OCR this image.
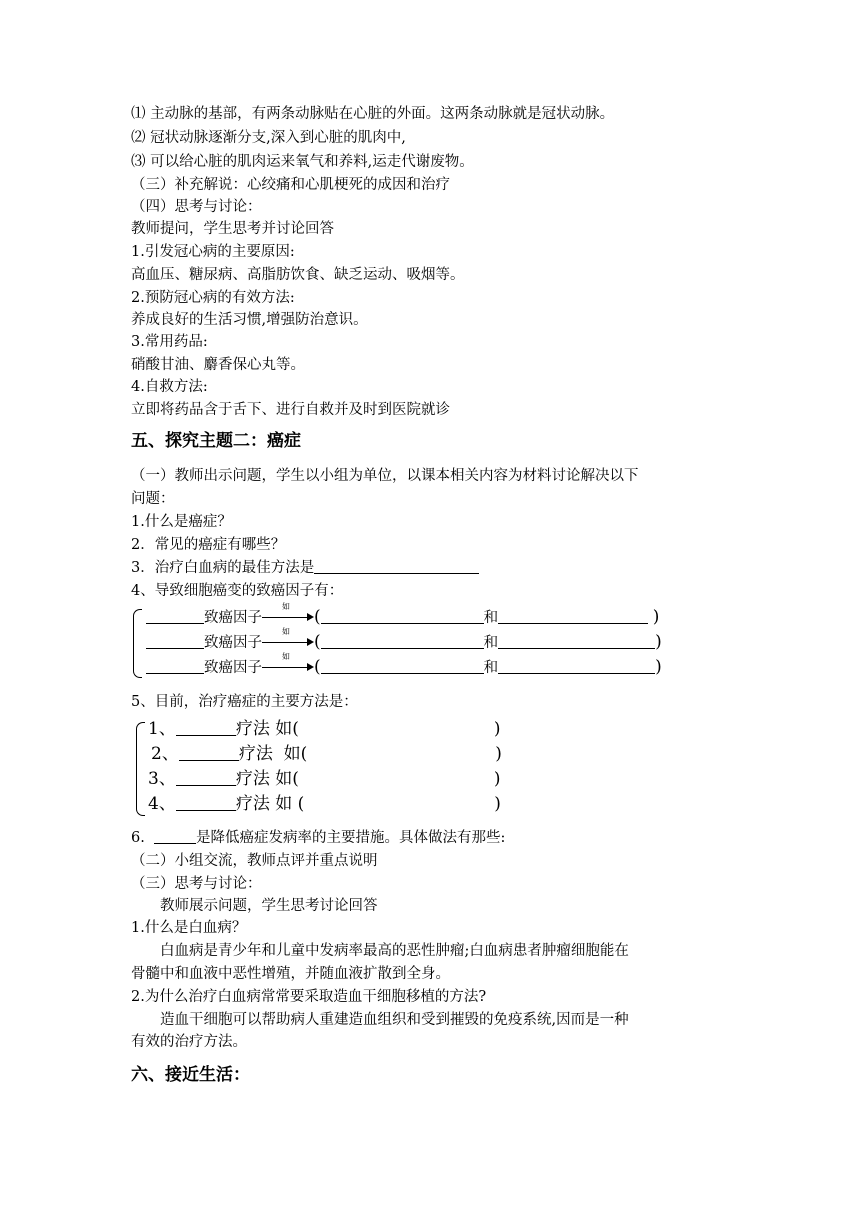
⑴ 主动脉的基部，有两条动脉贴在心脏的外面。这两条动脉就是冠状动脉。
⑵ 冠状动脉逐渐分支,深入到心脏的肌肉中,
⑶ 可以给心脏的肌肉运来氧气和养料,运走代谢废物。
（三）补充解说：心绞痛和心肌梗死的成因和治疗
（四）思考与讨论：
教师提问，学生思考并讨论回答
1.引发冠心病的主要原因:
高血压、糖尿病、高脂肪饮食、缺乏运动、吸烟等。
2.预防冠心病的有效方法:
养成良好的生活习惯,增强防治意识。
3.常用药品:
硝酸甘油、麝香保心丸等。
4.自救方法:
立即将药品含于舌下、进行自救并及时到医院就诊
五、探究主题二：癌症
（一）教师出示问题，学生以小组为单位，以课本相关内容为材料讨论解决以下
问题：
1.什么是癌症？
2．常见的癌症有哪些？
3．治疗白血病的最佳方法是
4、导致细胞癌变的致癌因子有：
致癌因子
如
(	和	)
致癌因子
如
(	和	)
致癌因子
如
(	和	)
5、目前，治疗癌症的主要方法是：
1、	疗法 如(	)
2、	疗法 如(	)
3、	疗法 如(	)
4、	疗法 如 (	)
6.	是降低癌症发病率的主要措施。具体做法有那些:
（二）小组交流，教师点评并重点说明
（三）思考与讨论：
教师展示问题，学生思考讨论回答
1.什么是白血病？
白血病是青少年和儿童中发病率最高的恶性肿瘤;白血病患者肿瘤细胞能在
骨髓中和血液中恶性增殖，并随血液扩散到全身。
2.为什么治疗白血病常常要采取造血干细胞移植的方法?
造血干细胞可以帮助病人重建造血组织和受到摧毁的免疫系统,因而是一种
有效的治疗方法。
六、接近生活：
